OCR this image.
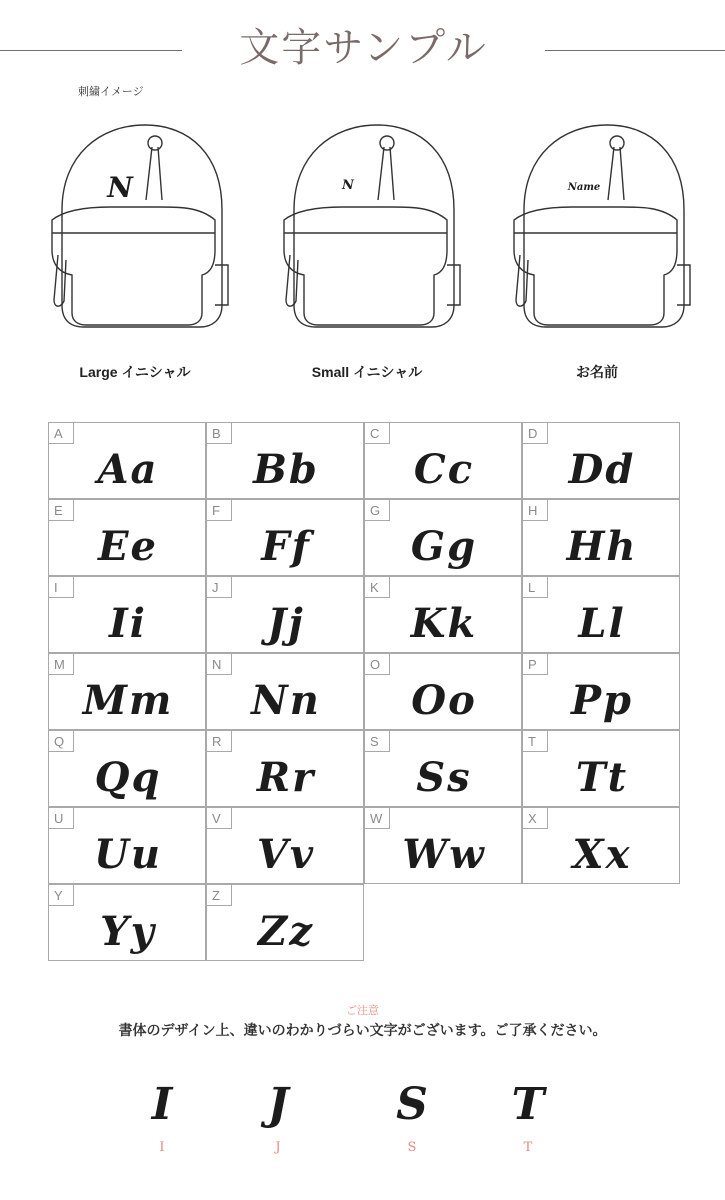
文字サンプル
刺繍イメージ
N
Large イニシャル
N
Small イニシャル
Name
お名前
A
Aa
B
Bb
C
Cc
D
Dd
E
Ee
F
Ff
G
Gg
H
Hh
I
Ii
J
Jj
K
Kk
L
Ll
M
Mm
N
Nn
O
Oo
P
Pp
Q
Qq
R
Rr
S
Ss
T
Tt
U
Uu
V
Vv
W
Ww
X
Xx
Y
Yy
Z
Zz
ご注意
書体のデザイン上、違いのわかりづらい文字がございます。ご了承ください。
I
I
J
J
S
S
T
T
